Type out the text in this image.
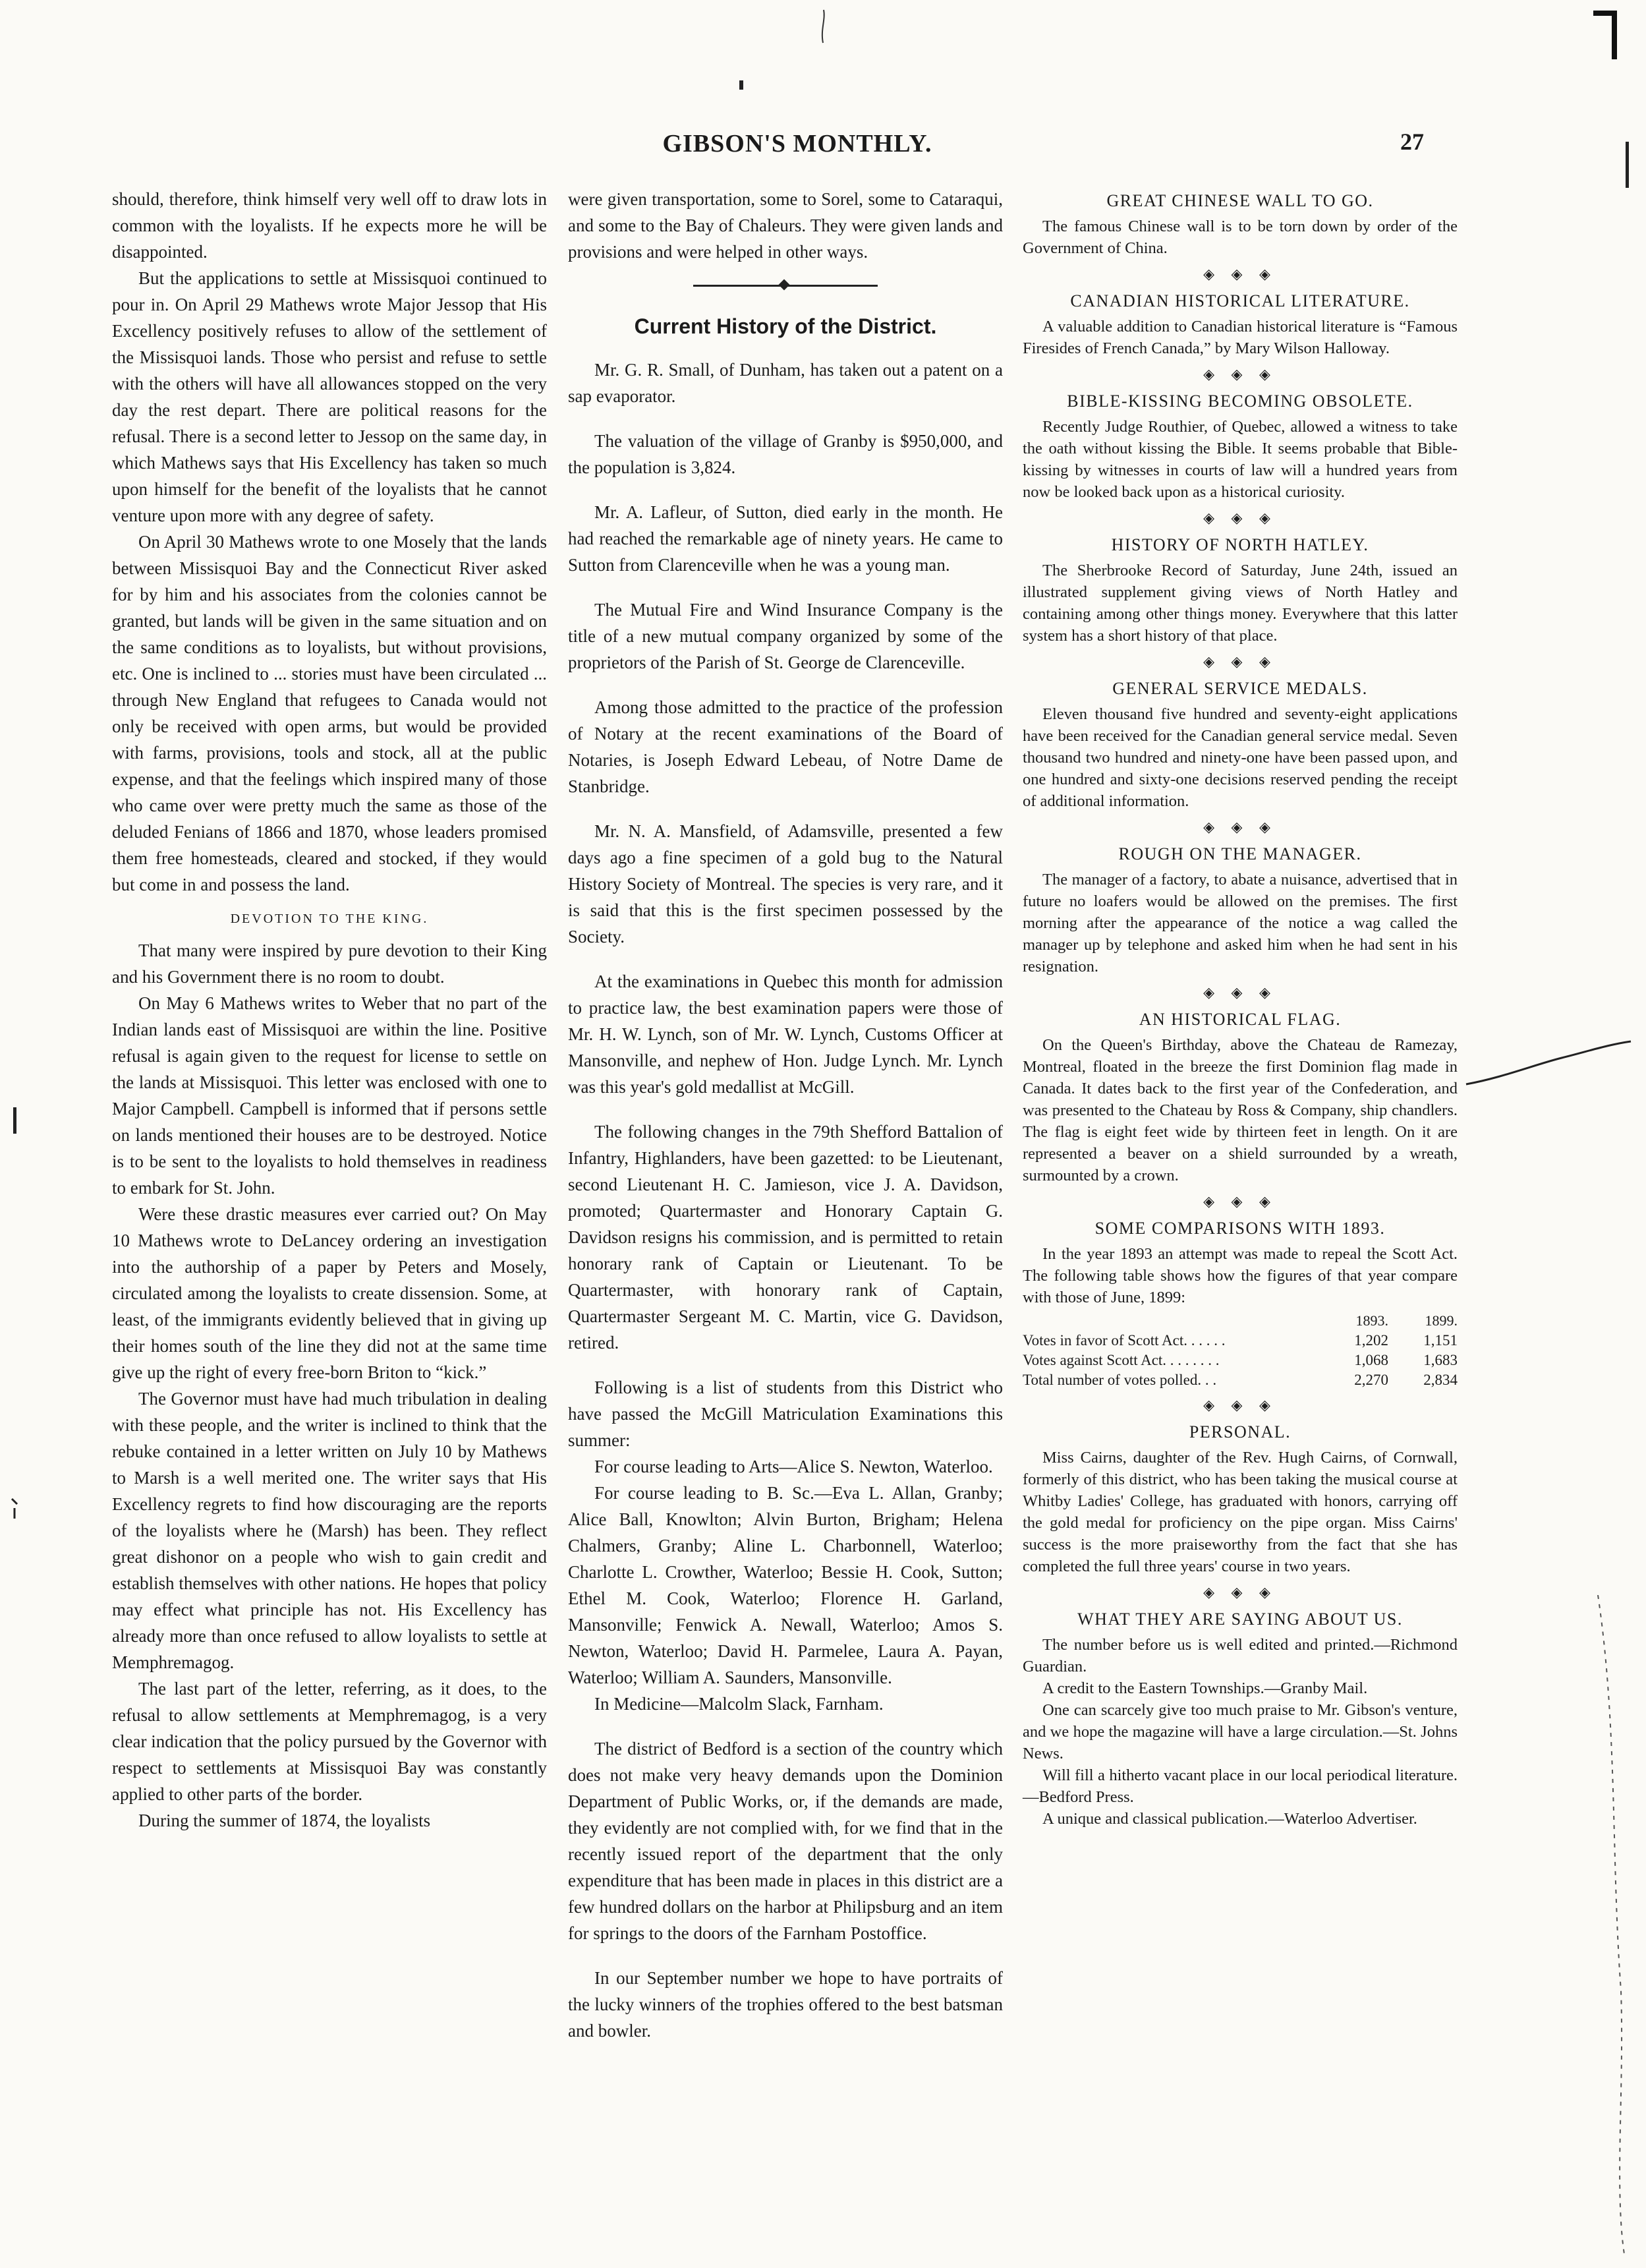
GIBSON'S MONTHLY.	27

should, therefore, think himself very well off to draw lots in common with the loyalists. If he expects more he will be disappointed.

But the applications to settle at Missisquoi continued to pour in. On April 29 Mathews wrote Major Jessop that His Excellency positively refuses to allow of the settlement of the Missisquoi lands. Those who persist and refuse to settle with the others will have all allowances stopped on the very day the rest depart. There are political reasons for the refusal. There is a second letter to Jessop on the same day, in which Mathews says that His Excellency has taken so much upon himself for the benefit of the loyalists that he cannot venture upon more with any degree of safety.

On April 30 Mathews wrote to one Mosely that the lands between Missisquoi Bay and the Connecticut River asked for by him and his associates from the colonies cannot be granted, but lands will be given in the same situation and on the same conditions as to loyalists, but without provisions, etc. One is inclined to ... stories must have been circulated ... through New England that refugees to Canada would not only be received with open arms, but would be provided with farms, provisions, tools and stock, all at the public expense, and that the feelings which inspired many of those who came over were pretty much the same as those of the deluded Fenians of 1866 and 1870, whose leaders promised them free homesteads, cleared and stocked, if they would but come in and possess the land.

DEVOTION TO THE KING.

That many were inspired by pure devotion to their King and his Government there is no room to doubt.

On May 6 Mathews writes to Weber that no part of the Indian lands east of Missisquoi are within the line. Positive refusal is again given to the request for license to settle on the lands at Missisquoi. This letter was enclosed with one to Major Campbell. Campbell is informed that if persons settle on lands mentioned their houses are to be destroyed. Notice is to be sent to the loyalists to hold themselves in readiness to embark for St. John.

Were these drastic measures ever carried out? On May 10 Mathews wrote to DeLancey ordering an investigation into the authorship of a paper by Peters and Mosely, circulated among the loyalists to create dissension. Some, at least, of the immigrants evidently believed that in giving up their homes south of the line they did not at the same time give up the right of every free-born Briton to “kick.”

The Governor must have had much tribulation in dealing with these people, and the writer is inclined to think that the rebuke contained in a letter written on July 10 by Mathews to Marsh is a well merited one. The writer says that His Excellency regrets to find how discouraging are the reports of the loyalists where he (Marsh) has been. They reflect great dishonor on a people who wish to gain credit and establish themselves with other nations. He hopes that policy may effect what principle has not. His Excellency has already more than once refused to allow loyalists to settle at Memphremagog.

The last part of the letter, referring, as it does, to the refusal to allow settlements at Memphremagog, is a very clear indication that the policy pursued by the Governor with respect to settlements at Missisquoi Bay was constantly applied to other parts of the border.

During the summer of 1874, the loyalists

were given transportation, some to Sorel, some to Cataraqui, and some to the Bay of Chaleurs. They were given lands and provisions and were helped in other ways.

Current History of the District.

Mr. G. R. Small, of Dunham, has taken out a patent on a sap evaporator.

The valuation of the village of Granby is $950,000, and the population is 3,824.

Mr. A. Lafleur, of Sutton, died early in the month. He had reached the remarkable age of ninety years. He came to Sutton from Clarenceville when he was a young man.

The Mutual Fire and Wind Insurance Company is the title of a new mutual company organized by some of the proprietors of the Parish of St. George de Clarenceville.

Among those admitted to the practice of the profession of Notary at the recent examinations of the Board of Notaries, is Joseph Edward Lebeau, of Notre Dame de Stanbridge.

Mr. N. A. Mansfield, of Adamsville, presented a few days ago a fine specimen of a gold bug to the Natural History Society of Montreal. The species is very rare, and it is said that this is the first specimen possessed by the Society.

At the examinations in Quebec this month for admission to practice law, the best examination papers were those of Mr. H. W. Lynch, son of Mr. W. Lynch, Customs Officer at Mansonville, and nephew of Hon. Judge Lynch. Mr. Lynch was this year's gold medallist at McGill.

The following changes in the 79th Shefford Battalion of Infantry, Highlanders, have been gazetted: to be Lieutenant, second Lieutenant H. C. Jamieson, vice J. A. Davidson, promoted; Quartermaster and Honorary Captain G. Davidson resigns his commission, and is permitted to retain honorary rank of Captain or Lieutenant. To be Quartermaster, with honorary rank of Captain, Quartermaster Sergeant M. C. Martin, vice G. Davidson, retired.

Following is a list of students from this District who have passed the McGill Matriculation Examinations this summer:

For course leading to Arts—Alice S. Newton, Waterloo.

For course leading to B. Sc.—Eva L. Allan, Granby; Alice Ball, Knowlton; Alvin Burton, Brigham; Helena Chalmers, Granby; Aline L. Charbonnell, Waterloo; Charlotte L. Crowther, Waterloo; Bessie H. Cook, Sutton; Ethel M. Cook, Waterloo; Florence H. Garland, Mansonville; Fenwick A. Newall, Waterloo; Amos S. Newton, Waterloo; David H. Parmelee, Laura A. Payan, Waterloo; William A. Saunders, Mansonville.

In Medicine—Malcolm Slack, Farnham.

The district of Bedford is a section of the country which does not make very heavy demands upon the Dominion Department of Public Works, or, if the demands are made, they evidently are not complied with, for we find that in the recently issued report of the department that the only expenditure that has been made in places in this district are a few hundred dollars on the harbor at Philipsburg and an item for springs to the doors of the Farnham Postoffice.

In our September number we hope to have portraits of the lucky winners of the trophies offered to the best batsman and bowler.

GREAT CHINESE WALL TO GO.

The famous Chinese wall is to be torn down by order of the Government of China.

◈ ◈ ◈
CANADIAN HISTORICAL LITERATURE.

A valuable addition to Canadian historical literature is “Famous Firesides of French Canada,” by Mary Wilson Halloway.

◈ ◈ ◈
BIBLE-KISSING BECOMING OBSOLETE.

Recently Judge Routhier, of Quebec, allowed a witness to take the oath without kissing the Bible. It seems probable that Bible-kissing by witnesses in courts of law will a hundred years from now be looked back upon as a historical curiosity.

◈ ◈ ◈
HISTORY OF NORTH HATLEY.

The Sherbrooke Record of Saturday, June 24th, issued an illustrated supplement giving views of North Hatley and containing among other things money. Everywhere that this latter system has a short history of that place.

◈ ◈ ◈
GENERAL SERVICE MEDALS.

Eleven thousand five hundred and seventy-eight applications have been received for the Canadian general service medal. Seven thousand two hundred and ninety-one have been passed upon, and one hundred and sixty-one decisions reserved pending the receipt of additional information.

◈ ◈ ◈
ROUGH ON THE MANAGER.

The manager of a factory, to abate a nuisance, advertised that in future no loafers would be allowed on the premises. The first morning after the appearance of the notice a wag called the manager up by telephone and asked him when he had sent in his resignation.

◈ ◈ ◈
AN HISTORICAL FLAG.

On the Queen's Birthday, above the Chateau de Ramezay, Montreal, floated in the breeze the first Dominion flag made in Canada. It dates back to the first year of the Confederation, and was presented to the Chateau by Ross & Company, ship chandlers. The flag is eight feet wide by thirteen feet in length. On it are represented a beaver on a shield surrounded by a wreath, surmounted by a crown.

◈ ◈ ◈
SOME COMPARISONS WITH 1893.

In the year 1893 an attempt was made to repeal the Scott Act. The following table shows how the figures of that year compare with those of June, 1899:

	1893.	1899.
Votes in favor of Scott Act. . . . . .	1,202	1,151
Votes against Scott Act. . . . . . . .	1,068	1,683
Total number of votes polled. . .	2,270	2,834
◈ ◈ ◈
PERSONAL.

Miss Cairns, daughter of the Rev. Hugh Cairns, of Cornwall, formerly of this district, who has been taking the musical course at Whitby Ladies' College, has graduated with honors, carrying off the gold medal for proficiency on the pipe organ. Miss Cairns' success is the more praiseworthy from the fact that she has completed the full three years' course in two years.

◈ ◈ ◈
WHAT THEY ARE SAYING ABOUT US.

The number before us is well edited and printed.—Richmond Guardian.

A credit to the Eastern Townships.—Granby Mail.

One can scarcely give too much praise to Mr. Gibson's venture, and we hope the magazine will have a large circulation.—St. Johns News.

Will fill a hitherto vacant place in our local periodical literature.—Bedford Press.

A unique and classical publication.—Waterloo Advertiser.
